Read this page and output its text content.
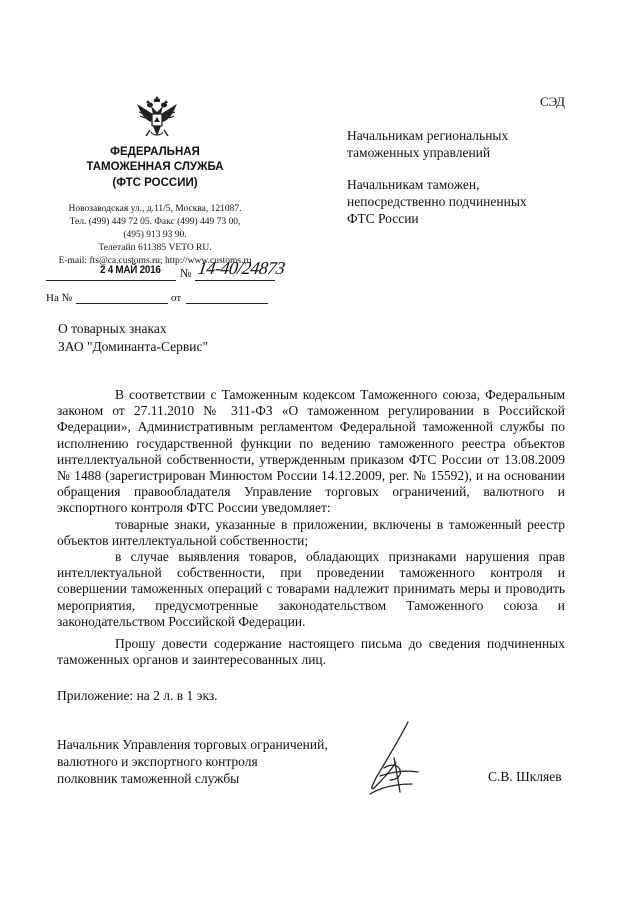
СЭД
ФЕДЕРАЛЬНАЯ
ТАМОЖЕННАЯ СЛУЖБА
(ФТС РОССИИ)
Новозаводская ул., д.11/5, Москва, 121087.
Тел. (499) 449 72 05. Факс (499) 449 73 00,
(495) 913 93 90.
Телетайп 611385 VETO RU.
E-mail: fts@ca.customs.ru; http://www.customs.ru
Начальникам региональных
таможенных управлений
Начальникам таможен,
непосредственно подчиненных
ФТС России
2 4 МАЙ 2016 № 14-40/24873
На №	от
О товарных знаках
ЗАО "Доминанта-Сервис"

В соответствии с Таможенным кодексом Таможенного союза, Федеральным законом от 27.11.2010 № 311-ФЗ «О таможенном регулировании в Российской Федерации», Административным регламентом Федеральной таможенной службы по исполнению государственной функции по ведению таможенного реестра объектов интеллектуальной собственности, утвержденным приказом ФТС России от 13.08.2009 № 1488 (зарегистрирован Минюстом России 14.12.2009, рег. № 15592), и на основании обращения правообладателя Управление торговых ограничений, валютного и экспортного контроля ФТС России уведомляет:

товарные знаки, указанные в приложении, включены в таможенный реестр объектов интеллектуальной собственности;

в случае выявления товаров, обладающих признаками нарушения прав интеллектуальной собственности, при проведении таможенного контроля и совершении таможенных операций с товарами надлежит принимать меры и проводить мероприятия, предусмотренные законодательством Таможенного союза и законодательством Российской Федерации.

Прошу довести содержание настоящего письма до сведения подчиненных таможенных органов и заинтересованных лиц.

Приложение: на 2 л. в 1 экз.
Начальник Управления торговых ограничений,
валютного и экспортного контроля
полковник таможенной службы	С.В. Шкляев
